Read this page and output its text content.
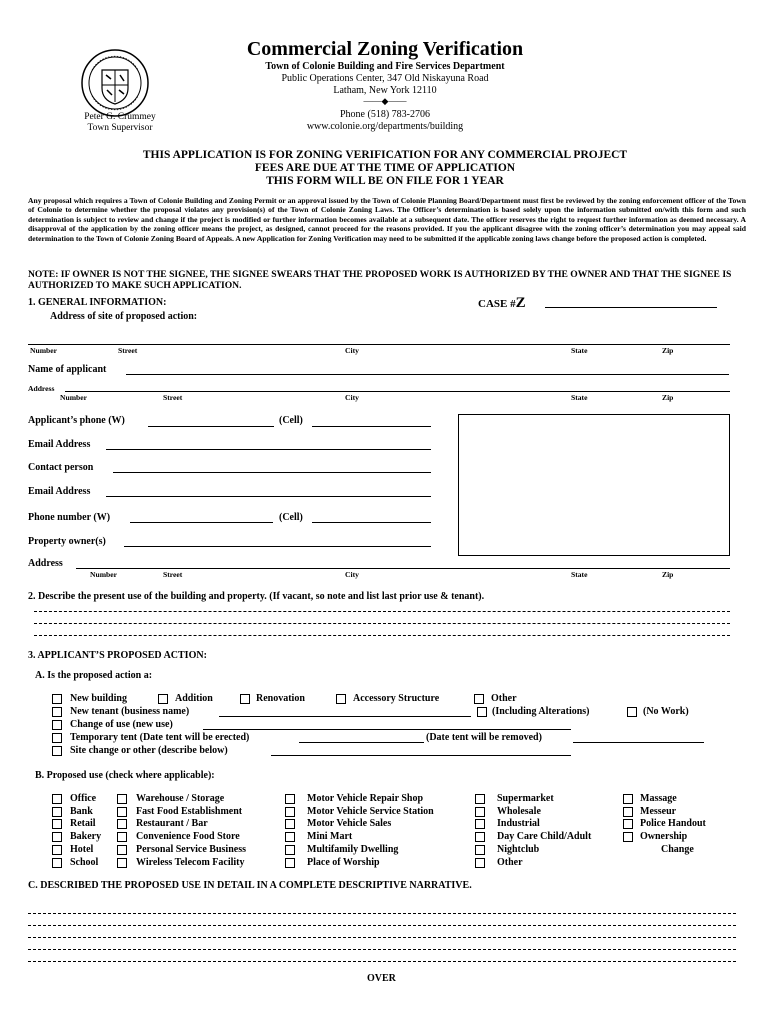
Commercial Zoning Verification
Town of Colonie Building and Fire Services Department
Public Operations Center, 347 Old Niskayuna Road
Latham, New York 12110
——◆——
Phone (518) 783-2706
www.colonie.org/departments/building
Peter G. Crummey
Town Supervisor
THIS APPLICATION IS FOR ZONING VERIFICATION FOR ANY COMMERCIAL PROJECT
FEES ARE DUE AT THE TIME OF APPLICATION
THIS FORM WILL BE ON FILE FOR 1 YEAR
Any proposal which requires a Town of Colonie Building and Zoning Permit or an approval issued by the Town of Colonie Planning Board/Department must first be reviewed by the zoning enforcement officer of the Town of Colonie to determine whether the proposal violates any provision(s) of the Town of Colonie Zoning Laws. The Officer’s determination is based solely upon the information submitted on/with this form and such determination is subject to review and change if the project is modified or further information becomes available at a subsequent date. The officer reserves the right to request further information as deemed necessary. A disapproval of the application by the zoning officer means the project, as designed, cannot proceed for the reasons provided. If you the applicant disagree with the zoning officer’s determination you may appeal said determination to the Town of Colonie Zoning Board of Appeals. A new Application for Zoning Verification may need to be submitted if the applicable zoning laws change before the proposed action is completed.
NOTE: IF OWNER IS NOT THE SIGNEE, THE SIGNEE SWEARS THAT THE PROPOSED WORK IS AUTHORIZED BY THE OWNER AND THAT THE SIGNEE IS AUTHORIZED TO MAKE SUCH APPLICATION.
1. GENERAL INFORMATION:	CASE #Z
Address of site of proposed action:
Number	Street	City	State	Zip
Name of applicant
Address
Number	Street	City	State	Zip
Applicant’s phone (W)	(Cell)
Email Address
Contact person
Email Address
Phone number (W)	(Cell)
Property owner(s)
Address
Number	Street	City	State	Zip
2. Describe the present use of the building and property. (If vacant, so note and list last prior use & tenant).
3. APPLICANT’S PROPOSED ACTION:
A. Is the proposed action a:
New building	Addition	Renovation	Accessory Structure	Other
New tenant (business name)	(Including Alterations)	(No Work)
Change of use (new use)
Temporary tent (Date tent will be erected)	(Date tent will be removed)
Site change or other (describe below)
B. Proposed use (check where applicable):
Office
Bank
Retail
Bakery
Hotel
School
Warehouse / Storage
Fast Food Establishment
Restaurant / Bar
Convenience Food Store
Personal Service Business
Wireless Telecom Facility
Motor Vehicle Repair Shop
Motor Vehicle Service Station
Motor Vehicle Sales
Mini Mart
Multifamily Dwelling
Place of Worship
Supermarket
Wholesale
Industrial
Day Care Child/Adult
Nightclub
Other
Massage
Messeur
Police Handout
Ownership
Change
C. DESCRIBED THE PROPOSED USE IN DETAIL IN A COMPLETE DESCRIPTIVE NARRATIVE.
OVER
